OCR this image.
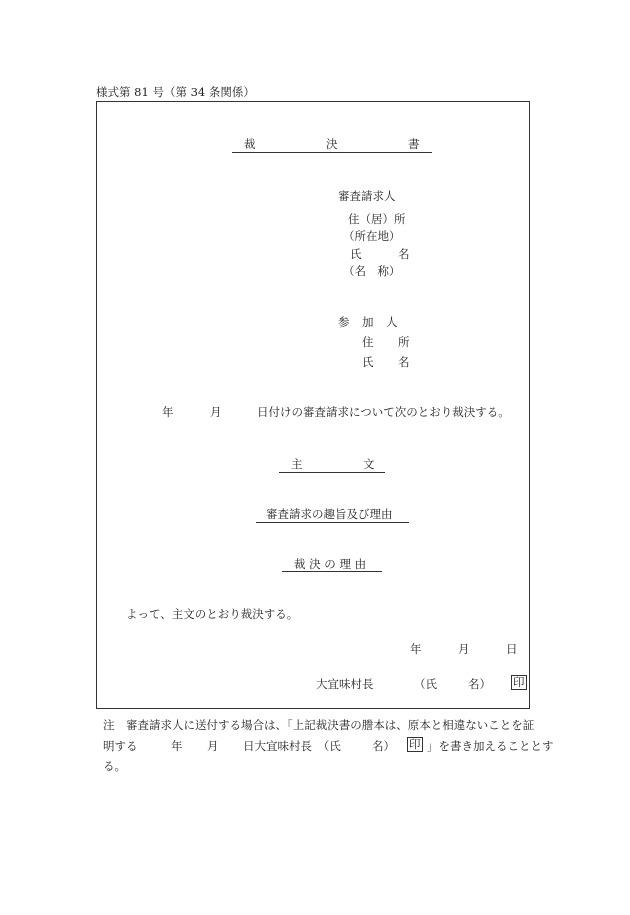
様式第 81 号（第 34 条関係）
裁	決	書
審査請求人
住（居）所
（所在地）
氏	名
（名　称）
参 加 人
住 所
氏 名
年	月	日付けの審査請求について次のとおり裁決する。
主	文
審査請求の趣旨及び理由
裁 決 の 理 由
よって、主文のとおり裁決する。
年	月	日
大宜味村長	（氏	名） 印
注　審査請求人に送付する場合は、「上記裁決書の謄本は、原本と相違ないことを証
明する	年 月 日大宜味村長　（氏	名） 印 」を書き加えることとす
る。
